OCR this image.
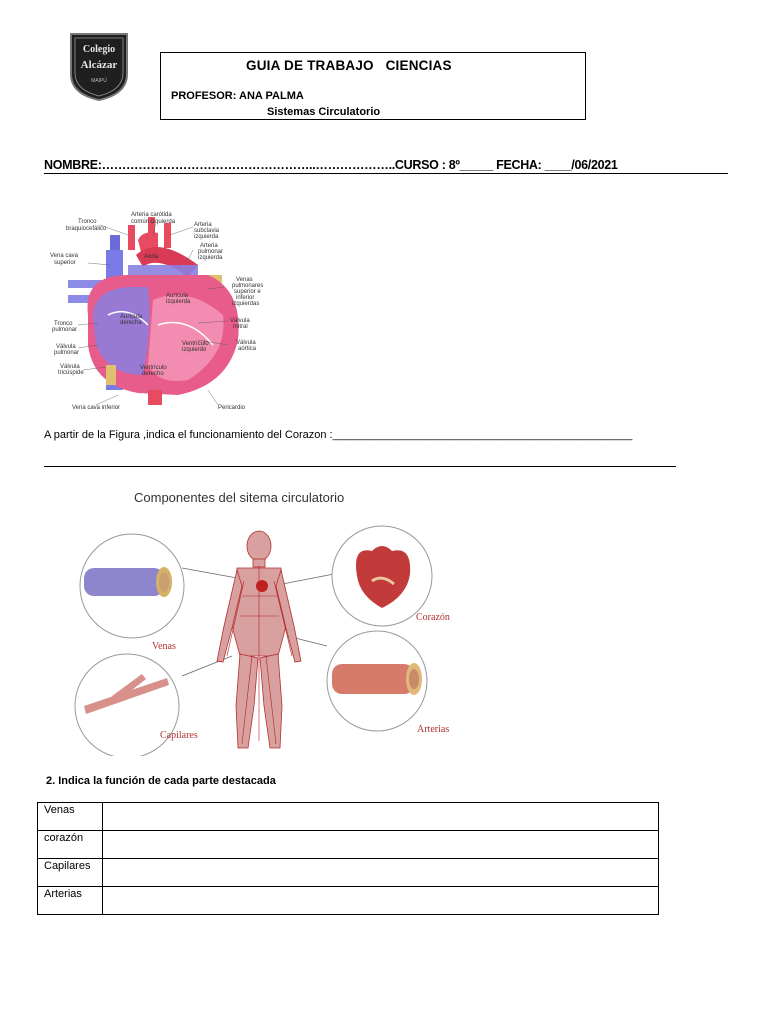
Colegio
Alcázar
MAIPÚ
GUIA DE TRABAJO   CIENCIAS
PROFESOR: ANA PALMA
Sistemas Circulatorio
NOMBRE:……………………………………………..………………..CURSO : 8º_____ FECHA: ____/06/2021
Tronco
braquiocefálico
Arteria carótida
común izquierda	Arteria
subclavia
izquierda
Arteria
pulmonar
izquierda
Vena cava
superior
Aorta
Venas
pulmonares
superior e
inferior
izquierdas
Aurícula
izquierda
Tronco
pulmonar
Aurícula
derecha	Válvula
mitral
Válvula
pulmonar
Válvula
aórtica
Ventrículo
izquierdo
Válvula
tricúspide
Ventrículo
derecho
Vena cava inferior	Pericardio
A partir de la Figura ,indica el funcionamiento del Corazon :_________________________________________________
Componentes del sitema circulatorio
Venas
Corazón
Capilares
Arterias
2. Indica la función de cada parte destacada
Venas	
corazón	
Capilares	
Arterias	
